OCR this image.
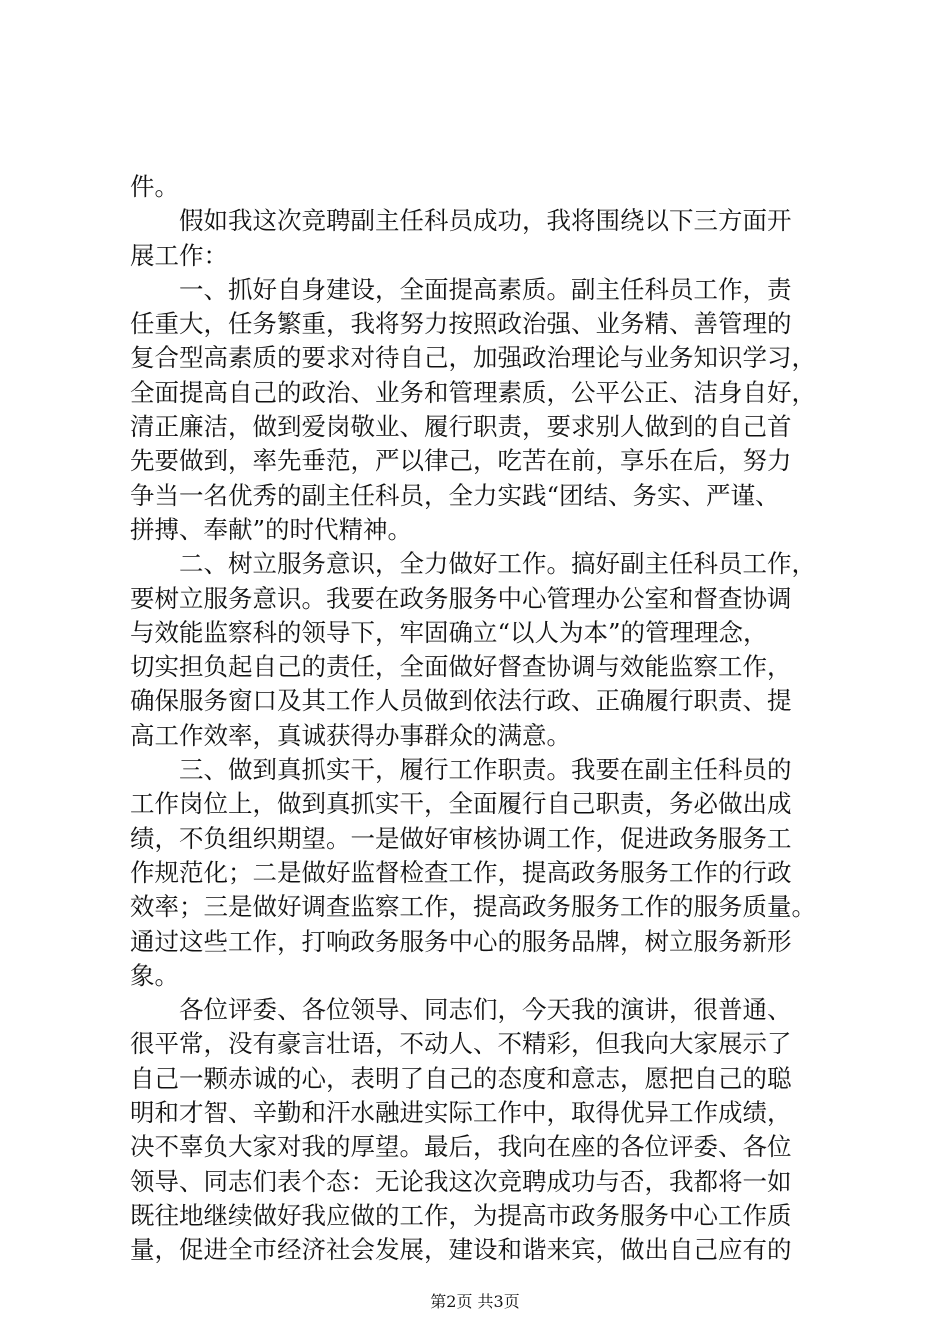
件。
　　假如我这次竞聘副主任科员成功，我将围绕以下三方面开
展工作：
　　一、抓好自身建设，全面提高素质。副主任科员工作，责
任重大，任务繁重，我将努力按照政治强、业务精、善管理的
复合型高素质的要求对待自己，加强政治理论与业务知识学习，
全面提高自己的政治、业务和管理素质，公平公正、洁身自好，
清正廉洁，做到爱岗敬业、履行职责，要求别人做到的自己首
先要做到，率先垂范，严以律己，吃苦在前，享乐在后，努力
争当一名优秀的副主任科员，全力实践“团结、务实、严谨、
拼搏、奉献”的时代精神。
　　二、树立服务意识，全力做好工作。搞好副主任科员工作，
要树立服务意识。我要在政务服务中心管理办公室和督查协调
与效能监察科的领导下，牢固确立“以人为本”的管理理念，
切实担负起自己的责任，全面做好督查协调与效能监察工作，
确保服务窗口及其工作人员做到依法行政、正确履行职责、提
高工作效率，真诚获得办事群众的满意。
　　三、做到真抓实干，履行工作职责。我要在副主任科员的
工作岗位上，做到真抓实干，全面履行自己职责，务必做出成
绩，不负组织期望。一是做好审核协调工作，促进政务服务工
作规范化；二是做好监督检查工作，提高政务服务工作的行政
效率；三是做好调查监察工作，提高政务服务工作的服务质量。
通过这些工作，打响政务服务中心的服务品牌，树立服务新形
象。
　　各位评委、各位领导、同志们，今天我的演讲，很普通、
很平常，没有豪言壮语，不动人、不精彩，但我向大家展示了
自己一颗赤诚的心，表明了自己的态度和意志，愿把自己的聪
明和才智、辛勤和汗水融进实际工作中，取得优异工作成绩，
决不辜负大家对我的厚望。最后，我向在座的各位评委、各位
领导、同志们表个态：无论我这次竞聘成功与否，我都将一如
既往地继续做好我应做的工作，为提高市政务服务中心工作质
量，促进全市经济社会发展，建设和谐来宾，做出自己应有的
第2页 共3页
